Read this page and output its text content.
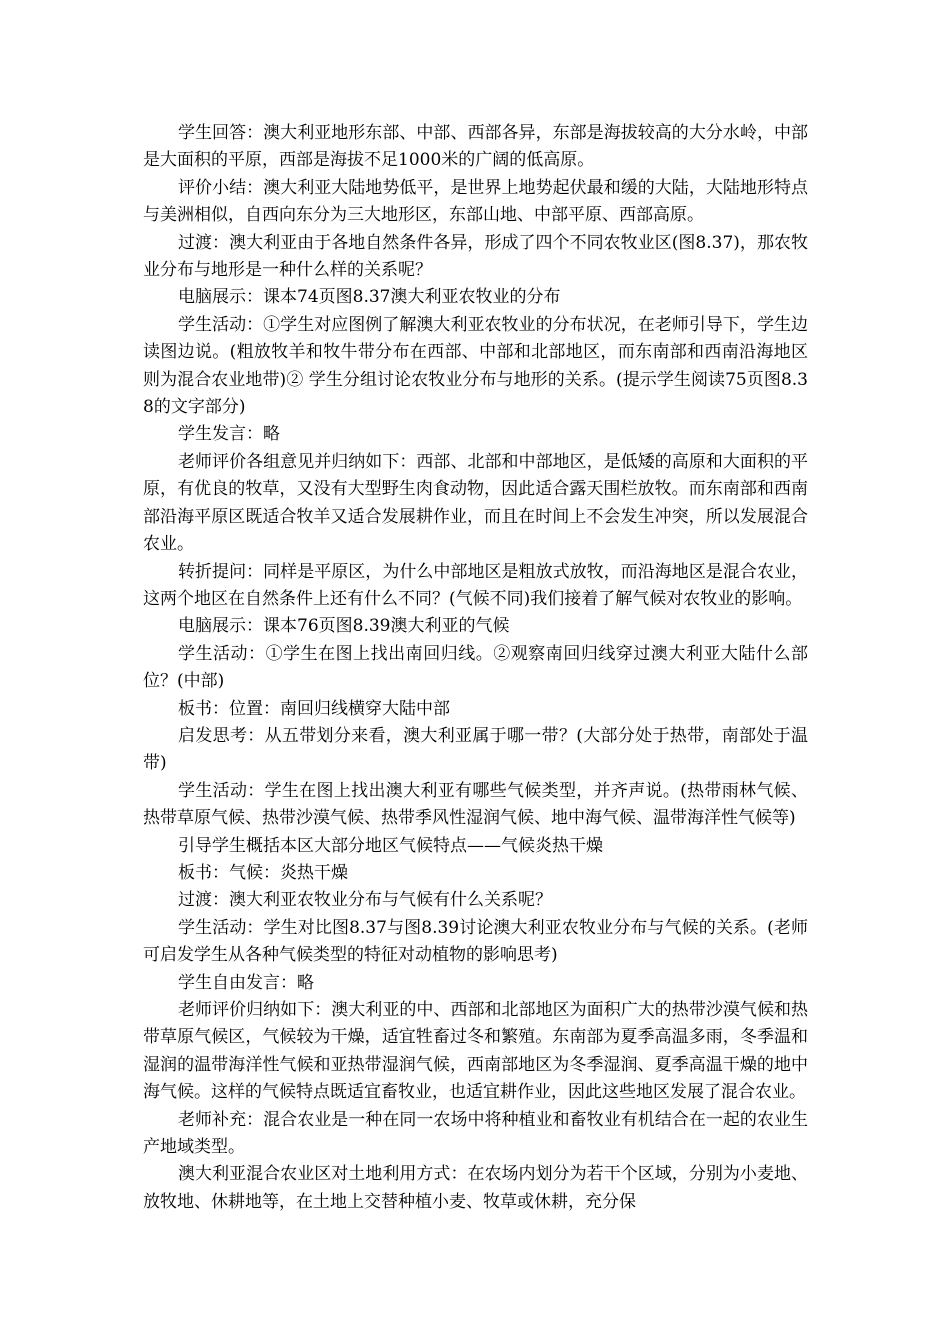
学生回答：澳大利亚地形东部、中部、西部各异，东部是海拔较高的大分水岭，中部是大面积的平原，西部是海拔不足1000米的广阔的低高原。

评价小结：澳大利亚大陆地势低平，是世界上地势起伏最和缓的大陆，大陆地形特点与美洲相似，自西向东分为三大地形区，东部山地、中部平原、西部高原。

过渡：澳大利亚由于各地自然条件各异，形成了四个不同农牧业区(图8.37)，那农牧业分布与地形是一种什么样的关系呢？

电脑展示：课本74页图8.37澳大利亚农牧业的分布

学生活动：①学生对应图例了解澳大利亚农牧业的分布状况，在老师引导下，学生边读图边说。(粗放牧羊和牧牛带分布在西部、中部和北部地区，而东南部和西南沿海地区则为混合农业地带)② 学生分组讨论农牧业分布与地形的关系。(提示学生阅读75页图8.38的文字部分)

学生发言：略

老师评价各组意见并归纳如下：西部、北部和中部地区，是低矮的高原和大面积的平原，有优良的牧草，又没有大型野生肉食动物，因此适合露天围栏放牧。而东南部和西南部沿海平原区既适合牧羊又适合发展耕作业，而且在时间上不会发生冲突，所以发展混合农业。

转折提问：同样是平原区，为什么中部地区是粗放式放牧，而沿海地区是混合农业，这两个地区在自然条件上还有什么不同？(气候不同)我们接着了解气候对农牧业的影响。

电脑展示：课本76页图8.39澳大利亚的气候

学生活动：①学生在图上找出南回归线。②观察南回归线穿过澳大利亚大陆什么部位？(中部)

板书：位置：南回归线横穿大陆中部

启发思考：从五带划分来看，澳大利亚属于哪一带？(大部分处于热带，南部处于温带)

学生活动：学生在图上找出澳大利亚有哪些气候类型，并齐声说。(热带雨林气候、热带草原气候、热带沙漠气候、热带季风性湿润气候、地中海气候、温带海洋性气候等)

引导学生概括本区大部分地区气候特点——气候炎热干燥

板书：气候：炎热干燥

过渡：澳大利亚农牧业分布与气候有什么关系呢？

学生活动：学生对比图8.37与图8.39讨论澳大利亚农牧业分布与气候的关系。(老师可启发学生从各种气候类型的特征对动植物的影响思考)

学生自由发言：略

老师评价归纳如下：澳大利亚的中、西部和北部地区为面积广大的热带沙漠气候和热带草原气候区，气候较为干燥，适宜牲畜过冬和繁殖。东南部为夏季高温多雨，冬季温和湿润的温带海洋性气候和亚热带湿润气候，西南部地区为冬季湿润、夏季高温干燥的地中海气候。这样的气候特点既适宜畜牧业，也适宜耕作业，因此这些地区发展了混合农业。

老师补充：混合农业是一种在同一农场中将种植业和畜牧业有机结合在一起的农业生产地域类型。

澳大利亚混合农业区对土地利用方式：在农场内划分为若干个区域，分别为小麦地、放牧地、休耕地等，在土地上交替种植小麦、牧草或休耕，充分保
